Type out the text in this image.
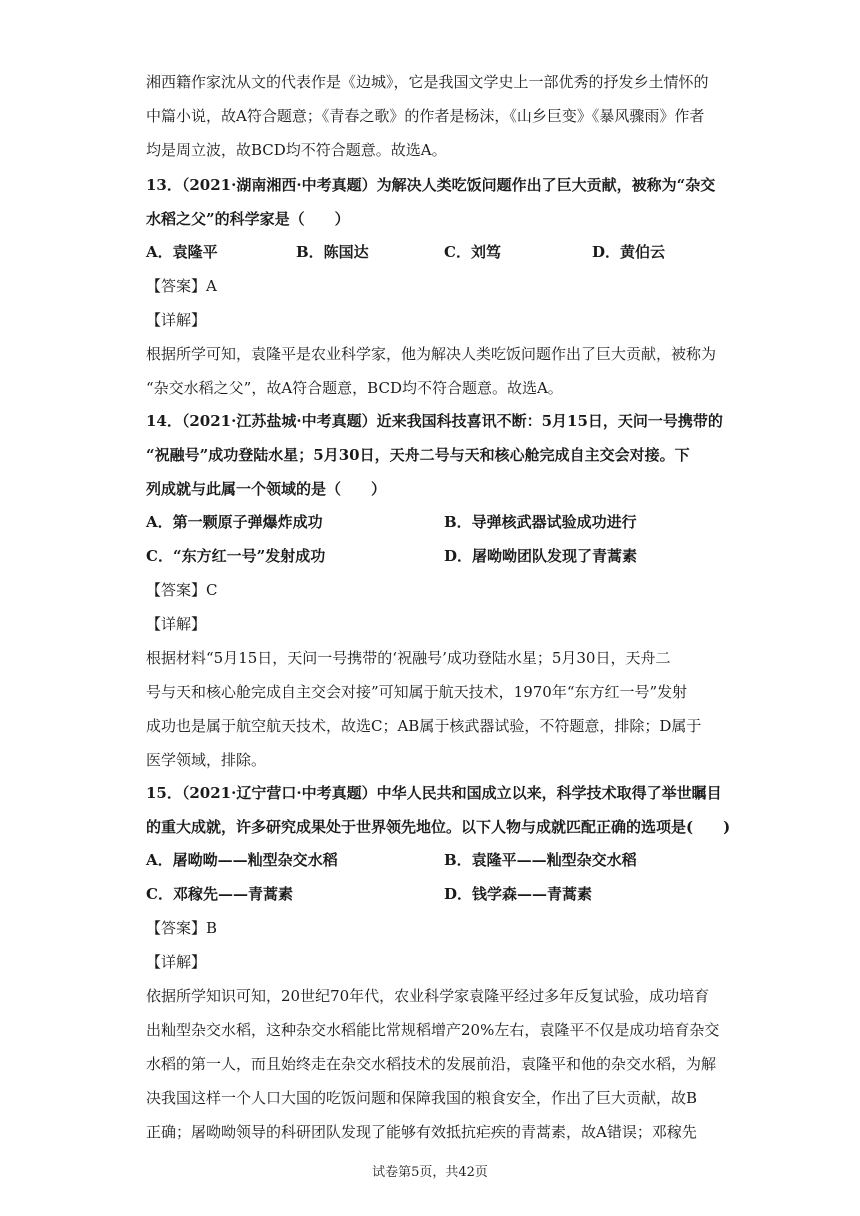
湘西籍作家沈从文的代表作是《边城》，它是我国文学史上一部优秀的抒发乡土情怀的
中篇小说，故A符合题意；《青春之歌》的作者是杨沫，《山乡巨变》《暴风骤雨》作者
均是周立波，故BCD均不符合题意。故选A。
13．（2021·湖南湘西·中考真题）为解决人类吃饭问题作出了巨大贡献，被称为“杂交
水稻之父”的科学家是（　　）
A．袁隆平	B．陈国达	C．刘笃	D．黄伯云
【答案】A
【详解】
根据所学可知，袁隆平是农业科学家，他为解决人类吃饭问题作出了巨大贡献，被称为
“杂交水稻之父”，故A符合题意，BCD均不符合题意。故选A。
14．（2021·江苏盐城·中考真题）近来我国科技喜讯不断：5月15日，天问一号携带的
“祝融号”成功登陆水星；5月30日，天舟二号与天和核心舱完成自主交会对接。下
列成就与此属一个领域的是（　　）
A．第一颗原子弹爆炸成功	B．导弹核武器试验成功进行
C．“东方红一号”发射成功	D．屠呦呦团队发现了青蒿素
【答案】C
【详解】
根据材料“5月15日，天问一号携带的‘祝融号’成功登陆水星；5月30日，天舟二
号与天和核心舱完成自主交会对接”可知属于航天技术，1970年“东方红一号”发射
成功也是属于航空航天技术，故选C；AB属于核武器试验，不符题意，排除；D属于
医学领域，排除。
15．（2021·辽宁营口·中考真题）中华人民共和国成立以来，科学技术取得了举世瞩目
的重大成就，许多研究成果处于世界领先地位。以下人物与成就匹配正确的选项是(　　)
A．屠呦呦——籼型杂交水稻	B．袁隆平——籼型杂交水稻
C．邓稼先——青蒿素	D．钱学森——青蒿素
【答案】B
【详解】
依据所学知识可知，20世纪70年代，农业科学家袁隆平经过多年反复试验，成功培育
出籼型杂交水稻，这种杂交水稻能比常规稻增产20%左右，袁隆平不仅是成功培育杂交
水稻的第一人，而且始终走在杂交水稻技术的发展前沿，袁隆平和他的杂交水稻，为解
决我国这样一个人口大国的吃饭问题和保障我国的粮食安全，作出了巨大贡献，故B
正确；屠呦呦领导的科研团队发现了能够有效抵抗疟疾的青蒿素，故A错误；邓稼先
试卷第5页，共42页
